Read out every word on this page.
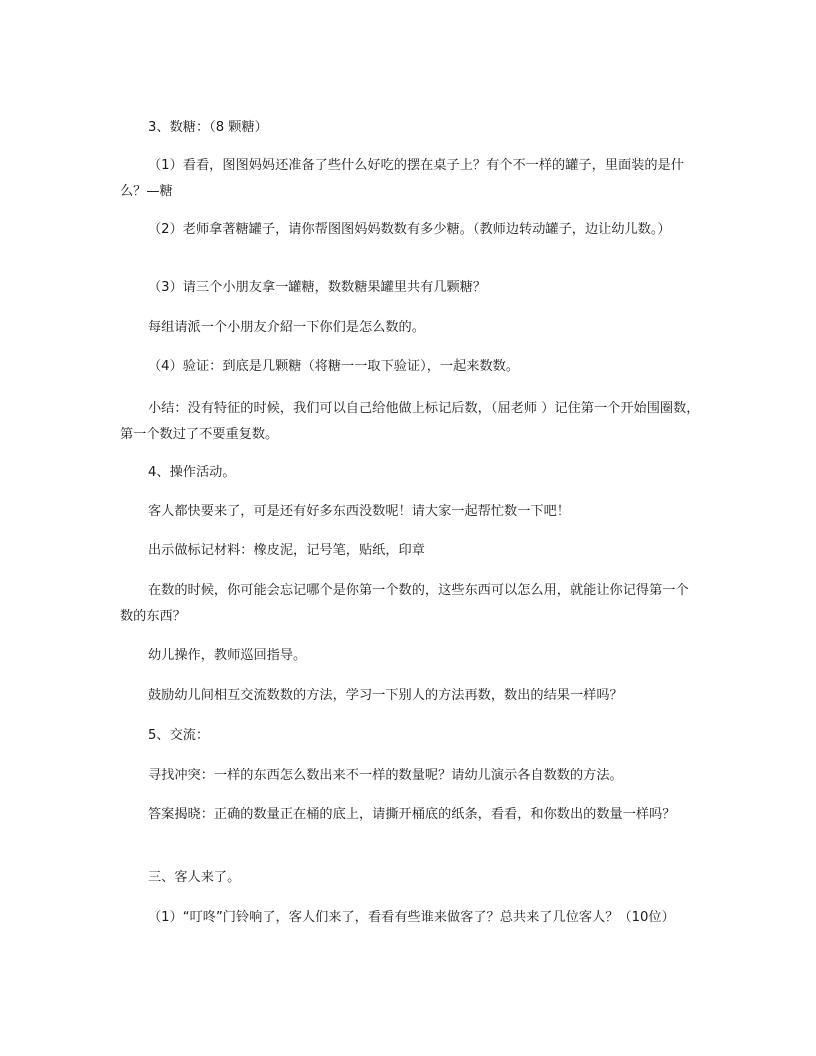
3、数糖：（8 颗糖）

（1）看看，图图妈妈还准备了些什么好吃的摆在桌子上？有个不一样的罐子，里面装的是什么？—糖

（2）老师拿著糖罐子，请你帮图图妈妈数数有多少糖。（教师边转动罐子，边让幼儿数。）

（3）请三个小朋友拿一罐糖，数数糖果罐里共有几颗糖？

每组请派一个小朋友介紹一下你们是怎么数的。

（4）验证：到底是几颗糖（将糖一一取下验证），一起来数数。

小结：没有特征的时候，我们可以自己给他做上标记后数，（屈老师 ）记住第一个开始围圈数，第一个数过了不要重复数。

4、操作活动。

客人都快要来了，可是还有好多东西没数呢！请大家一起帮忙数一下吧！

出示做标记材料：橡皮泥，记号笔，贴纸，印章

在数的时候，你可能会忘记哪个是你第一个数的，这些东西可以怎么用，就能让你记得第一个数的东西？

幼儿操作，教师巡回指导。

鼓励幼儿间相互交流数数的方法，学习一下别人的方法再数，数出的结果一样吗？

5、交流：

寻找冲突：一样的东西怎么数出来不一样的数量呢？请幼儿演示各自数数的方法。

答案揭晓：正确的数量正在桶的底上，请撕开桶底的纸条，看看，和你数出的数量一样吗？

三、客人来了。

（1）“叮咚”门铃响了，客人们来了，看看有些谁来做客了？总共来了几位客人？（10位）
